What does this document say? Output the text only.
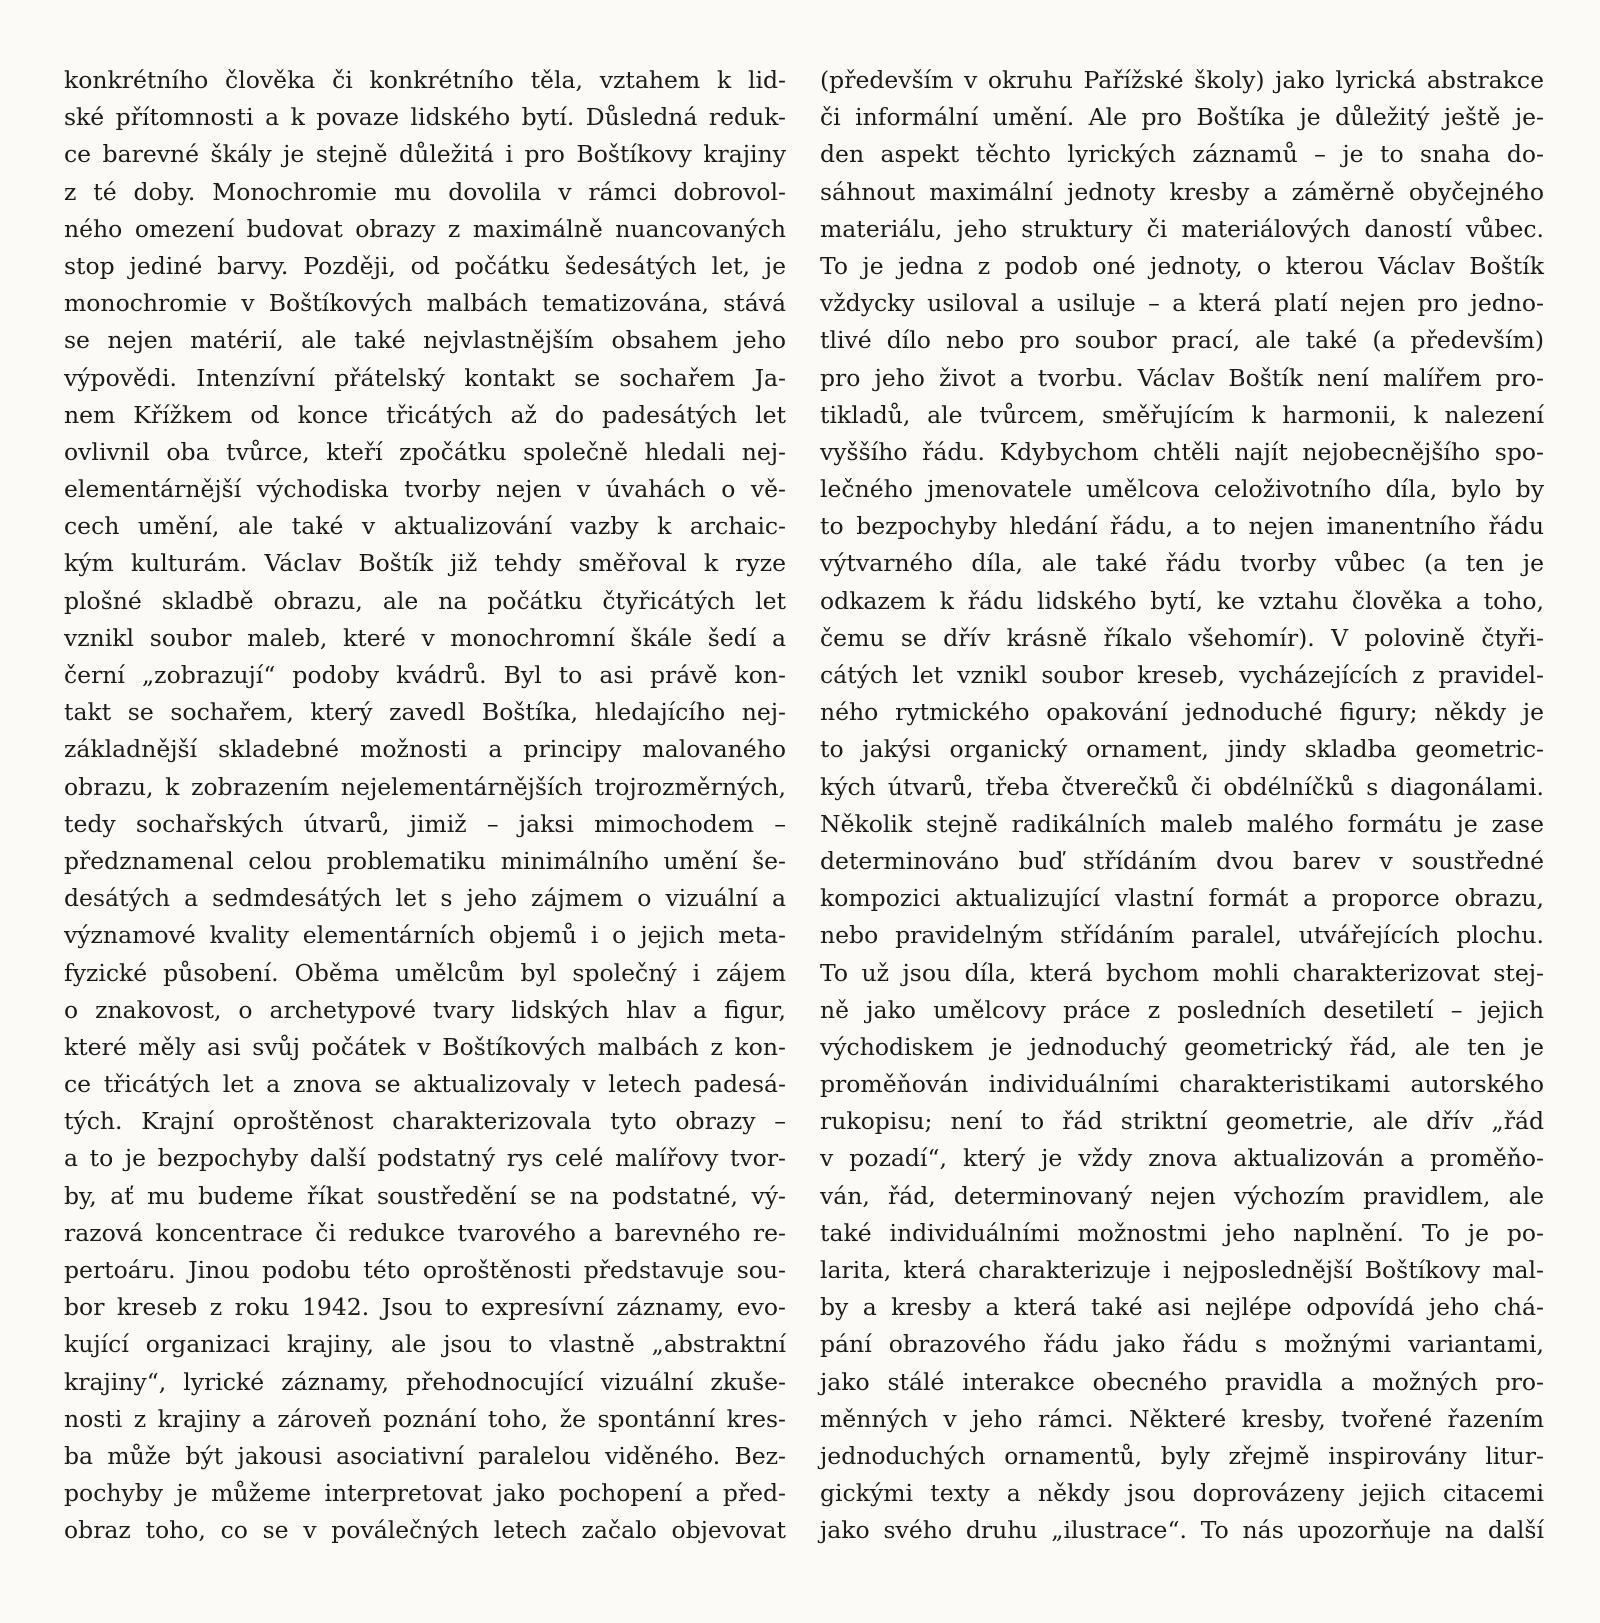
konkrétního člověka či konkrétního těla, vztahem k lid-
ské přítomnosti a k povaze lidského bytí. Důsledná reduk-
ce barevné škály je stejně důležitá i pro Boštíkovy krajiny
z té doby. Monochromie mu dovolila v rámci dobrovol-
ného omezení budovat obrazy z maximálně nuancovaných
stop jediné barvy. Později, od počátku šedesátých let, je
monochromie v Boštíkových malbách tematizována, stává
se nejen matérií, ale také nejvlastnějším obsahem jeho
výpovědi. Intenzívní přátelský kontakt se sochařem Ja-
nem Křížkem od konce třicátých až do padesátých let
ovlivnil oba tvůrce, kteří zpočátku společně hledali nej-
elementárnější východiska tvorby nejen v úvahách o vě-
cech umění, ale také v aktualizování vazby k archaic-
kým kulturám. Václav Boštík již tehdy směřoval k ryze
plošné skladbě obrazu, ale na počátku čtyřicátých let
vznikl soubor maleb, které v monochromní škále šedí a
černí „zobrazují“ podoby kvádrů. Byl to asi právě kon-
takt se sochařem, který zavedl Boštíka, hledajícího nej-
základnější skladebné možnosti a principy malovaného
obrazu, k zobrazením nejelementárnějších trojrozměrných,
tedy sochařských útvarů, jimiž – jaksi mimochodem –
předznamenal celou problematiku minimálního umění še-
desátých a sedmdesátých let s jeho zájmem o vizuální a
významové kvality elementárních objemů i o jejich meta-
fyzické působení. Oběma umělcům byl společný i zájem
o znakovost, o archetypové tvary lidských hlav a figur,
které měly asi svůj počátek v Boštíkových malbách z kon-
ce třicátých let a znova se aktualizovaly v letech padesá-
tých. Krajní oproštěnost charakterizovala tyto obrazy –
a to je bezpochyby další podstatný rys celé malířovy tvor-
by, ať mu budeme říkat soustředění se na podstatné, vý-
razová koncentrace či redukce tvarového a barevného re-
pertoáru. Jinou podobu této oproštěnosti představuje sou-
bor kreseb z roku 1942. Jsou to expresívní záznamy, evo-
kující organizaci krajiny, ale jsou to vlastně „abstraktní
krajiny“, lyrické záznamy, přehodnocující vizuální zkuše-
nosti z krajiny a zároveň poznání toho, že spontánní kres-
ba může být jakousi asociativní paralelou viděného. Bez-
pochyby je můžeme interpretovat jako pochopení a před-
obraz toho, co se v poválečných letech začalo objevovat
(především v okruhu Pařížské školy) jako lyrická abstrakce
či informální umění. Ale pro Boštíka je důležitý ještě je-
den aspekt těchto lyrických záznamů – je to snaha do-
sáhnout maximální jednoty kresby a záměrně obyčejného
materiálu, jeho struktury či materiálových daností vůbec.
To je jedna z podob oné jednoty, o kterou Václav Boštík
vždycky usiloval a usiluje – a která platí nejen pro jedno-
tlivé dílo nebo pro soubor prací, ale také (a především)
pro jeho život a tvorbu. Václav Boštík není malířem pro-
tikladů, ale tvůrcem, směřujícím k harmonii, k nalezení
vyššího řádu. Kdybychom chtěli najít nejobecnějšího spo-
lečného jmenovatele umělcova celoživotního díla, bylo by
to bezpochyby hledání řádu, a to nejen imanentního řádu
výtvarného díla, ale také řádu tvorby vůbec (a ten je
odkazem k řádu lidského bytí, ke vztahu člověka a toho,
čemu se dřív krásně říkalo všehomír). V polovině čtyři-
cátých let vznikl soubor kreseb, vycházejících z pravidel-
ného rytmického opakování jednoduché figury; někdy je
to jakýsi organický ornament, jindy skladba geometric-
kých útvarů, třeba čtverečků či obdélníčků s diagonálami.
Několik stejně radikálních maleb malého formátu je zase
determinováno buď střídáním dvou barev v soustředné
kompozici aktualizující vlastní formát a proporce obrazu,
nebo pravidelným střídáním paralel, utvářejících plochu.
To už jsou díla, která bychom mohli charakterizovat stej-
ně jako umělcovy práce z posledních desetiletí – jejich
východiskem je jednoduchý geometrický řád, ale ten je
proměňován individuálními charakteristikami autorského
rukopisu; není to řád striktní geometrie, ale dřív „řád
v pozadí“, který je vždy znova aktualizován a proměňo-
ván, řád, determinovaný nejen výchozím pravidlem, ale
také individuálními možnostmi jeho naplnění. To je po-
larita, která charakterizuje i nejposlednější Boštíkovy mal-
by a kresby a která také asi nejlépe odpovídá jeho chá-
pání obrazového řádu jako řádu s možnými variantami,
jako stálé interakce obecného pravidla a možných pro-
měnných v jeho rámci. Některé kresby, tvořené řazením
jednoduchých ornamentů, byly zřejmě inspirovány litur-
gickými texty a někdy jsou doprovázeny jejich citacemi
jako svého druhu „ilustrace“. To nás upozorňuje na další
